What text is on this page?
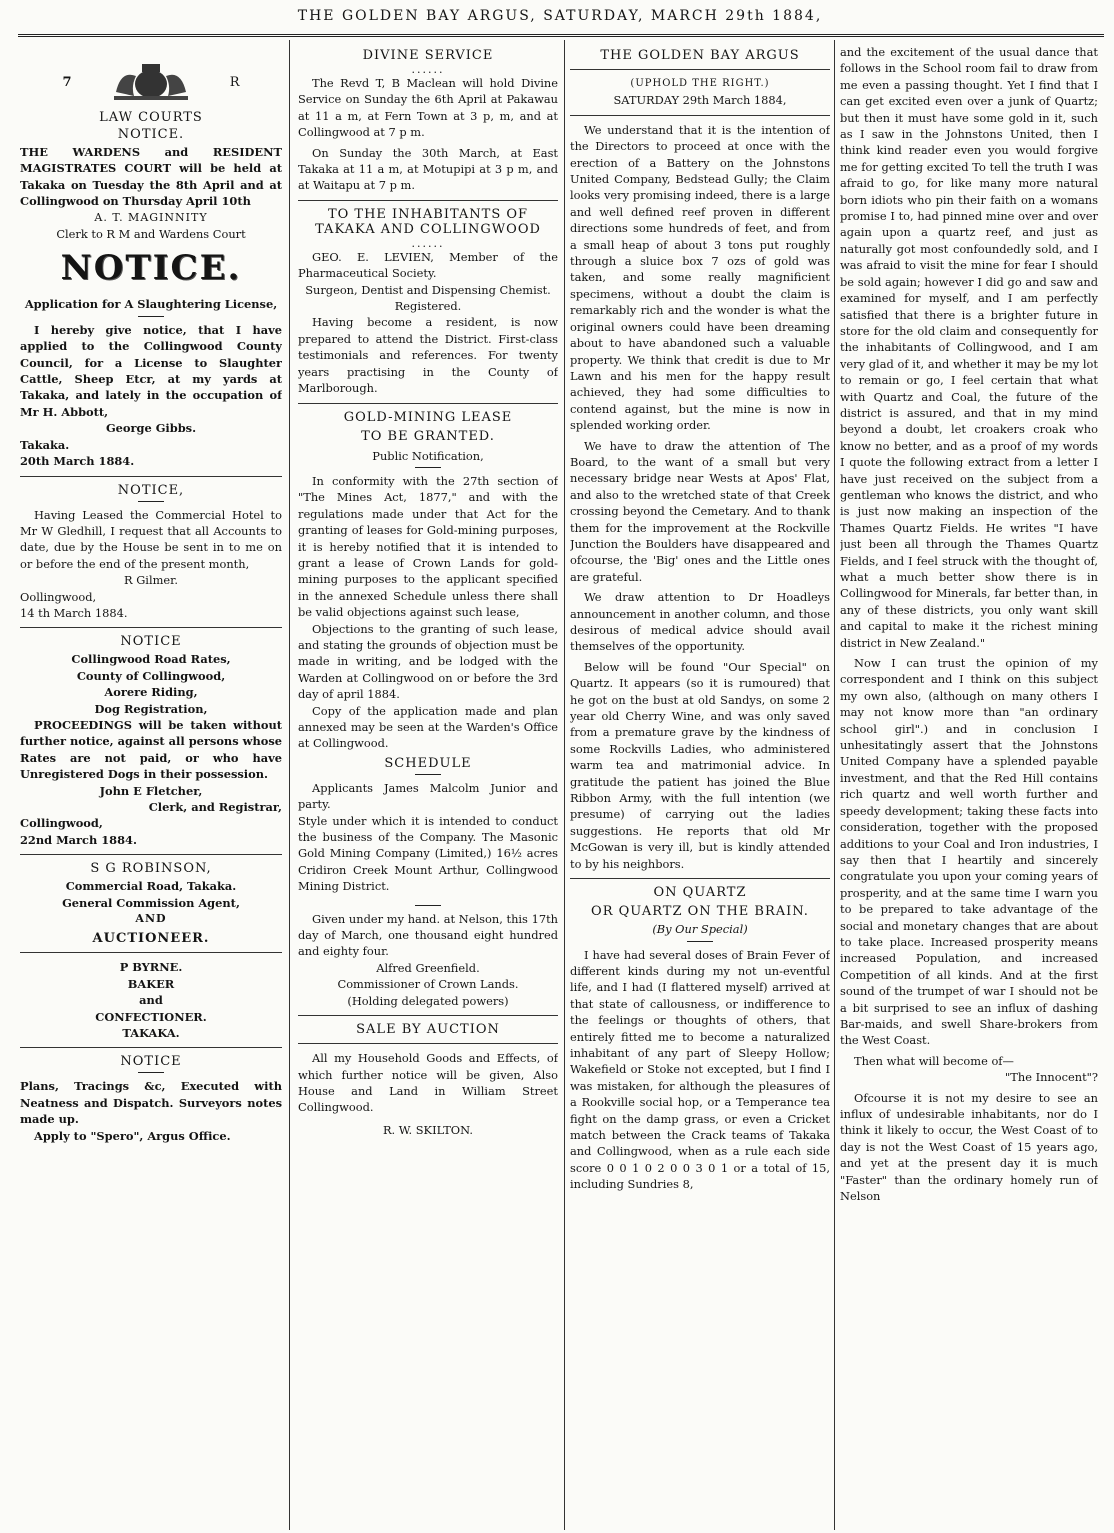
THE GOLDEN BAY ARGUS, SATURDAY, MARCH 29th 1884,
7	R
LAW COURTS
NOTICE.

THE WARDENS and RESIDENT MAGISTRATES COURT will be held at Takaka on Tuesday the 8th April and at Collingwood on Thursday April 10th

A. T. MAGINNITY

Clerk to R M and Wardens Court

NOTICE.

Application for A Slaughtering License,

I hereby give notice, that I have applied to the Collingwood County Council, for a License to Slaughter Cattle, Sheep Etcr, at my yards at Takaka, and lately in the occupation of Mr H. Abbott,

George Gibbs.

Takaka.

20th March 1884.

NOTICE,

Having Leased the Commercial Hotel to Mr W Gledhill, I request that all Accounts to date, due by the House be sent in to me on or before the end of the present month,

R Gilmer.

Oollingwood,

14 th March 1884.

NOTICE

Collingwood Road Rates,

County of Collingwood,

Aorere Riding,

Dog Registration,

PROCEEDINGS will be taken without further notice, against all persons whose Rates are not paid, or who have Unregistered Dogs in their possession.

John E Fletcher,

Clerk, and Registrar,

Collingwood,

22nd March 1884.

S G ROBINSON,

Commercial Road, Takaka.

General Commission Agent,

AND

AUCTIONEER.

P BYRNE.

BAKER

and

CONFECTIONER.

TAKAKA.

NOTICE

Plans, Tracings &c, Executed with Neatness and Dispatch. Surveyors notes made up.

Apply to "Spero", Argus Office.

DIVINE SERVICE
......

The Revd T, B Maclean will hold Divine Service on Sunday the 6th April at Pakawau at 11 a m, at Fern Town at 3 p, m, and at Collingwood at 7 p m.

On Sunday the 30th March, at East Takaka at 11 a m, at Motupipi at 3 p m, and at Waitapu at 7 p m.

TO THE INHABITANTS OF TAKAKA AND COLLINGWOOD
......

GEO. E. LEVIEN, Member of the Pharmaceutical Society.

Surgeon, Dentist and Dispensing Chemist. Registered.

Having become a resident, is now prepared to attend the District. First-class testimonials and references. For twenty years practising in the County of Marlborough.

GOLD-MINING LEASE
TO BE GRANTED.

Public Notification,

In conformity with the 27th section of "The Mines Act, 1877," and with the regulations made under that Act for the granting of leases for Gold-mining purposes, it is hereby notified that it is intended to grant a lease of Crown Lands for gold-mining purposes to the applicant specified in the annexed Schedule unless there shall be valid objections against such lease,

Objections to the granting of such lease, and stating the grounds of objection must be made in writing, and be lodged with the Warden at Collingwood on or before the 3rd day of april 1884.

Copy of the application made and plan annexed may be seen at the Warden's Office at Collingwood.

SCHEDULE

Applicants James Malcolm Junior and party.

Style under which it is intended to conduct the business of the Company. The Masonic Gold Mining Company (Limited,) 16½ acres Cridiron Creek Mount Arthur, Collingwood Mining District.

Given under my hand. at Nelson, this 17th day of March, one thousand eight hundred and eighty four.

Alfred Greenfield.

Commissioner of Crown Lands.

(Holding delegated powers)

SALE BY AUCTION

All my Household Goods and Effects, of which further notice will be given, Also House and Land in William Street Collingwood.

R. W. SKILTON.

THE GOLDEN BAY ARGUS

(UPHOLD THE RIGHT.)

SATURDAY 29th March 1884,

We understand that it is the intention of the Directors to proceed at once with the erection of a Battery on the Johnstons United Company, Bedstead Gully; the Claim looks very promising indeed, there is a large and well defined reef proven in different directions some hundreds of feet, and from a small heap of about 3 tons put roughly through a sluice box 7 ozs of gold was taken, and some really magnificient specimens, without a doubt the claim is remarkably rich and the wonder is what the original owners could have been dreaming about to have abandoned such a valuable property. We think that credit is due to Mr Lawn and his men for the happy result achieved, they had some difficulties to contend against, but the mine is now in splended working order.

We have to draw the attention of The Board, to the want of a small but very necessary bridge near Wests at Apos' Flat, and also to the wretched state of that Creek crossing beyond the Cemetary. And to thank them for the improvement at the Rockville Junction the Boulders have disappeared and ofcourse, the 'Big' ones and the Little ones are grateful.

We draw attention to Dr Hoadleys announcement in another column, and those desirous of medical advice should avail themselves of the opportunity.

Below will be found "Our Special" on Quartz. It appears (so it is rumoured) that he got on the bust at old Sandys, on some 2 year old Cherry Wine, and was only saved from a premature grave by the kindness of some Rockvills Ladies, who administered warm tea and matrimonial advice. In gratitude the patient has joined the Blue Ribbon Army, with the full intention (we presume) of carrying out the ladies suggestions. He reports that old Mr McGowan is very ill, but is kindly attended to by his neighbors.

ON QUARTZ
OR QUARTZ ON THE BRAIN.

(By Our Special)

I have had several doses of Brain Fever of different kinds during my not un-eventful life, and I had (I flattered myself) arrived at that state of callousness, or indifference to the feelings or thoughts of others, that entirely fitted me to become a naturalized inhabitant of any part of Sleepy Hollow; Wakefield or Stoke not excepted, but I find I was mistaken, for although the pleasures of a Rookville social hop, or a Temperance tea fight on the damp grass, or even a Cricket match between the Crack teams of Takaka and Collingwood, when as a rule each side score 0 0 1 0 2 0 0 3 0 1 or a total of 15, including Sundries 8,

and the excitement of the usual dance that follows in the School room fail to draw from me even a passing thought. Yet I find that I can get excited even over a junk of Quartz; but then it must have some gold in it, such as I saw in the Johnstons United, then I think kind reader even you would forgive me for getting excited To tell the truth I was afraid to go, for like many more natural born idiots who pin their faith on a womans promise I to, had pinned mine over and over again upon a quartz reef, and just as naturally got most confoundedly sold, and I was afraid to visit the mine for fear I should be sold again; however I did go and saw and examined for myself, and I am perfectly satisfied that there is a brighter future in store for the old claim and consequently for the inhabitants of Collingwood, and I am very glad of it, and whether it may be my lot to remain or go, I feel certain that what with Quartz and Coal, the future of the district is assured, and that in my mind beyond a doubt, let croakers croak who know no better, and as a proof of my words I quote the following extract from a letter I have just received on the subject from a gentleman who knows the district, and who is just now making an inspection of the Thames Quartz Fields. He writes "I have just been all through the Thames Quartz Fields, and I feel struck with the thought of, what a much better show there is in Collingwood for Minerals, far better than, in any of these districts, you only want skill and capital to make it the richest mining district in New Zealand."

Now I can trust the opinion of my correspondent and I think on this subject my own also, (although on many others I may not know more than "an ordinary school girl".) and in conclusion I unhesitatingly assert that the Johnstons United Company have a splended payable investment, and that the Red Hill contains rich quartz and well worth further and speedy development; taking these facts into consideration, together with the proposed additions to your Coal and Iron industries, I say then that I heartily and sincerely congratulate you upon your coming years of prosperity, and at the same time I warn you to be prepared to take advantage of the social and monetary changes that are about to take place. Increased prosperity means increased Population, and increased Competition of all kinds. And at the first sound of the trumpet of war I should not be a bit surprised to see an influx of dashing Bar-maids, and swell Share-brokers from the West Coast.

Then what will become of—

"The Innocent"?

Ofcourse it is not my desire to see an influx of undesirable inhabitants, nor do I think it likely to occur, the West Coast of to day is not the West Coast of 15 years ago, and yet at the present day it is much "Faster" than the ordinary homely run of Nelson
